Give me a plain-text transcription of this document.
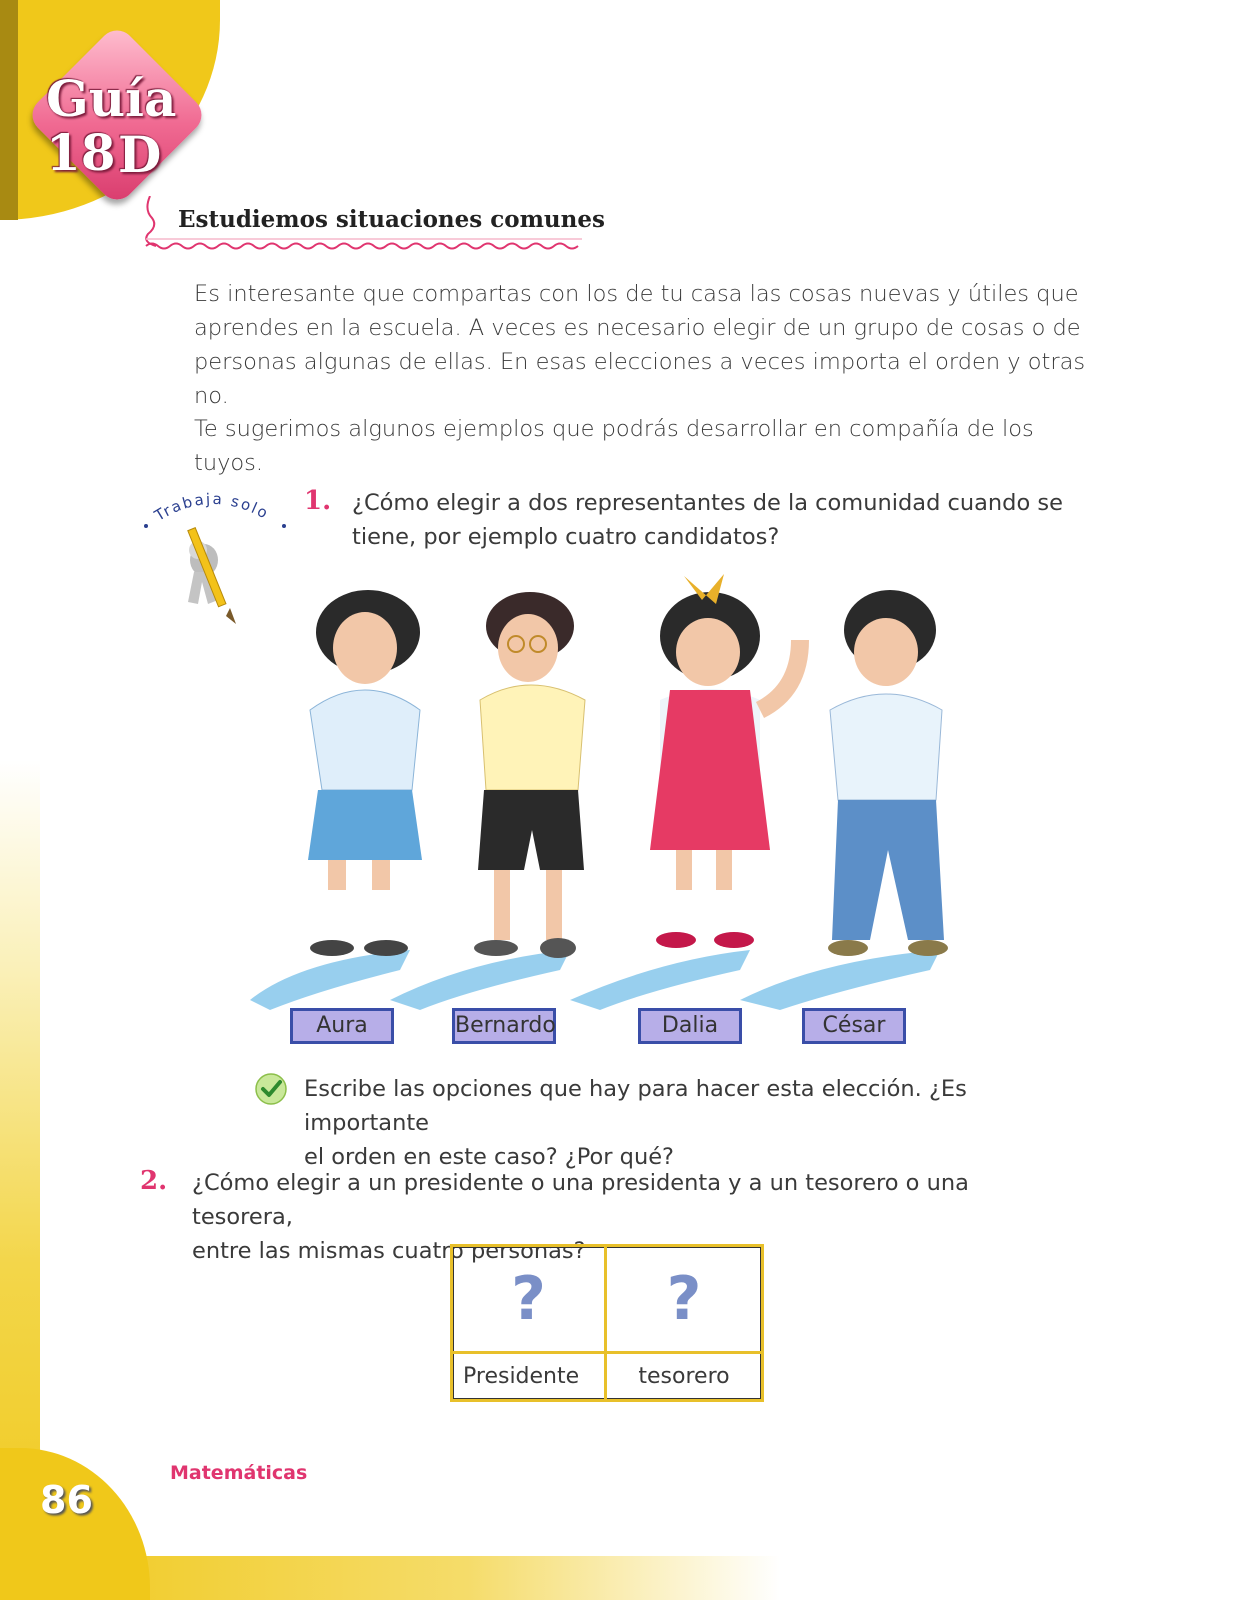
Guía 18 D
Estudiemos situaciones comunes
Es interesante que compartas con los de tu casa las cosas nuevas y útiles que
aprendes en la escuela. A veces es necesario elegir de un grupo de cosas o de
personas algunas de ellas. En esas elecciones a veces importa el orden y otras no.
Te sugerimos algunos ejemplos que podrás desarrollar en compañía de los tuyos.
Trabaja solo 1. ¿Cómo elegir a dos representantes de la comunidad cuando se
tiene, por ejemplo cuatro candidatos?
Aura	Bernardo	Dalia	César
Escribe las opciones que hay para hacer esta elección. ¿Es importante
el orden en este caso? ¿Por qué?
2. ¿Cómo elegir a un presidente o una presidenta y a un tesorero o una tesorera,
entre las mismas cuatro personas?
?	?
Presidente	tesorero
Matemáticas
86
